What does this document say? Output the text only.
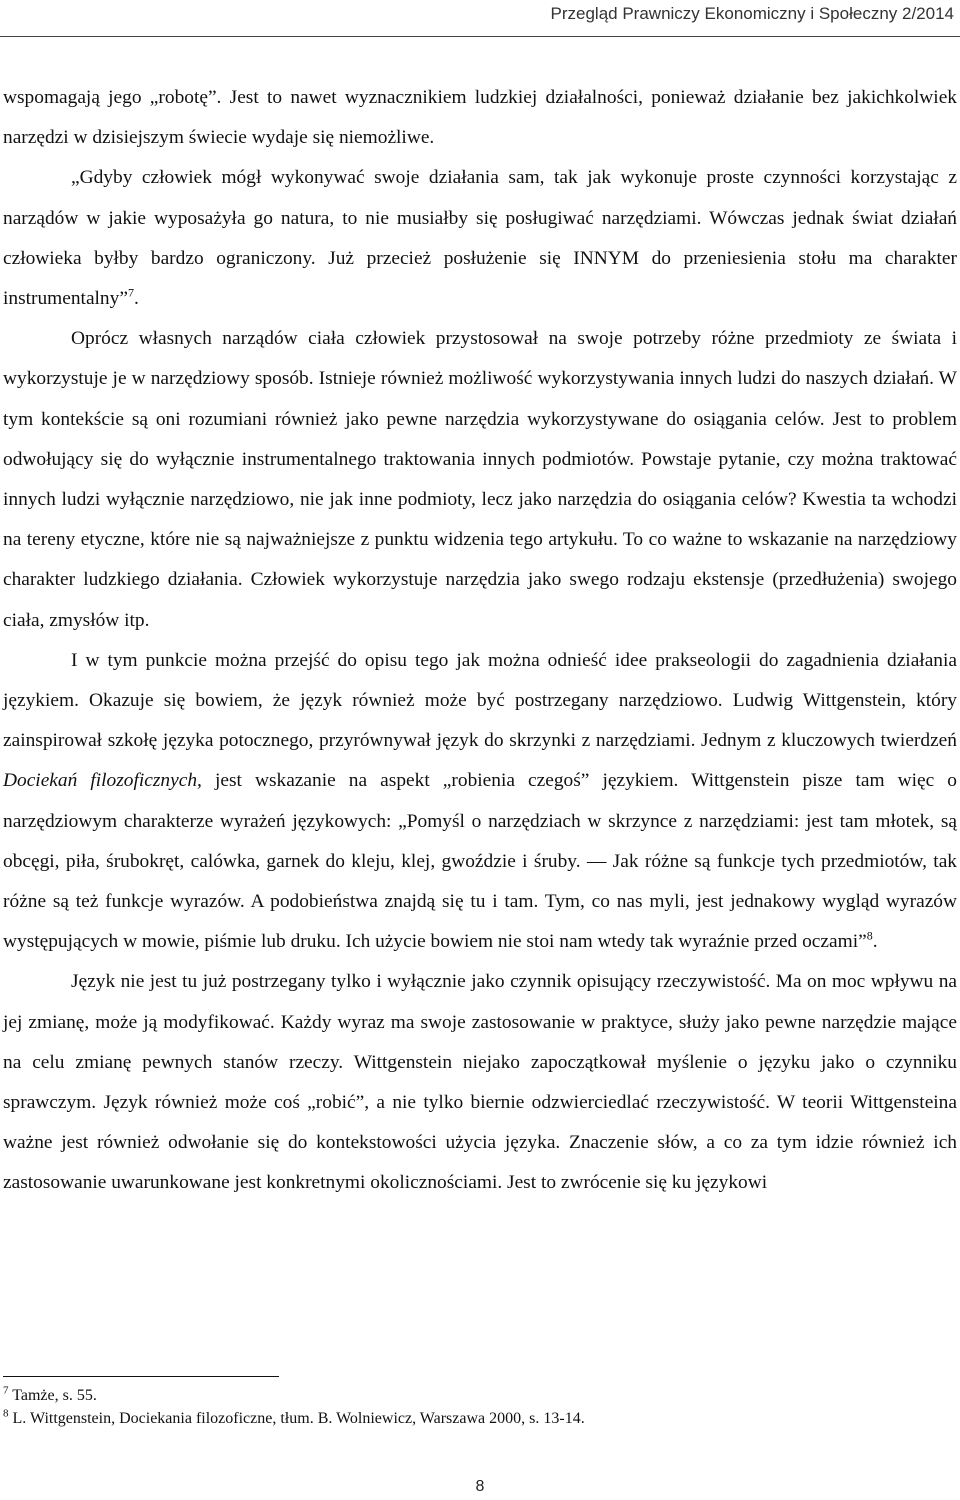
Przegląd Prawniczy Ekonomiczny i Społeczny 2/2014

wspomagają jego „robotę”. Jest to nawet wyznacznikiem ludzkiej działalności, ponieważ działanie bez jakichkolwiek narzędzi w dzisiejszym świecie wydaje się niemożliwe.

„Gdyby człowiek mógł wykonywać swoje działania sam, tak jak wykonuje proste czynności korzystając z narządów w jakie wyposażyła go natura, to nie musiałby się posługiwać narzędziami. Wówczas jednak świat działań człowieka byłby bardzo ograniczony. Już przecież posłużenie się INNYM do przeniesienia stołu ma charakter instrumentalny”$^7$.

Oprócz własnych narządów ciała człowiek przystosował na swoje potrzeby różne przedmioty ze świata i wykorzystuje je w narzędziowy sposób. Istnieje również możliwość wykorzystywania innych ludzi do naszych działań. W tym kontekście są oni rozumiani również jako pewne narzędzia wykorzystywane do osiągania celów. Jest to problem odwołujący się do wyłącznie instrumentalnego traktowania innych podmiotów. Powstaje pytanie, czy można traktować innych ludzi wyłącznie narzędziowo, nie jak inne podmioty, lecz jako narzędzia do osiągania celów? Kwestia ta wchodzi na tereny etyczne, które nie są najważniejsze z punktu widzenia tego artykułu. To co ważne to wskazanie na narzędziowy charakter ludzkiego działania. Człowiek wykorzystuje narzędzia jako swego rodzaju ekstensje (przedłużenia) swojego ciała, zmysłów itp.

I w tym punkcie można przejść do opisu tego jak można odnieść idee prakseologii do zagadnienia działania językiem. Okazuje się bowiem, że język również może być postrzegany narzędziowo. Ludwig Wittgenstein, który zainspirował szkołę języka potocznego, przyrównywał język do skrzynki z narzędziami. Jednym z kluczowych twierdzeń Dociekań filozoficznych, jest wskazanie na aspekt „robienia czegoś” językiem. Wittgenstein pisze tam więc o narzędziowym charakterze wyrażeń językowych: „Pomyśl o narzędziach w skrzynce z narzędziami: jest tam młotek, są obcęgi, piła, śrubokręt, calówka, garnek do kleju, klej, gwoździe i śruby. — Jak różne są funkcje tych przedmiotów, tak różne są też funkcje wyrazów. A podobieństwa znajdą się tu i tam. Tym, co nas myli, jest jednakowy wygląd wyrazów występujących w mowie, piśmie lub druku. Ich użycie bowiem nie stoi nam wtedy tak wyraźnie przed oczami”$^8$.

Język nie jest tu już postrzegany tylko i wyłącznie jako czynnik opisujący rzeczywistość. Ma on moc wpływu na jej zmianę, może ją modyfikować. Każdy wyraz ma swoje zastosowanie w praktyce, służy jako pewne narzędzie mające na celu zmianę pewnych stanów rzeczy. Wittgenstein niejako zapoczątkował myślenie o języku jako o czynniku sprawczym. Język również może coś „robić”, a nie tylko biernie odzwierciedlać rzeczywistość. W teorii Wittgensteina ważne jest również odwołanie się do kontekstowości użycia języka. Znaczenie słów, a co za tym idzie również ich zastosowanie uwarunkowane jest konkretnymi okolicznościami. Jest to zwrócenie się ku językowi

$^7$ Tamże, s. 55.

$^8$ L. Wittgenstein, Dociekania filozoficzne, tłum. B. Wolniewicz, Warszawa 2000, s. 13-14.

8
